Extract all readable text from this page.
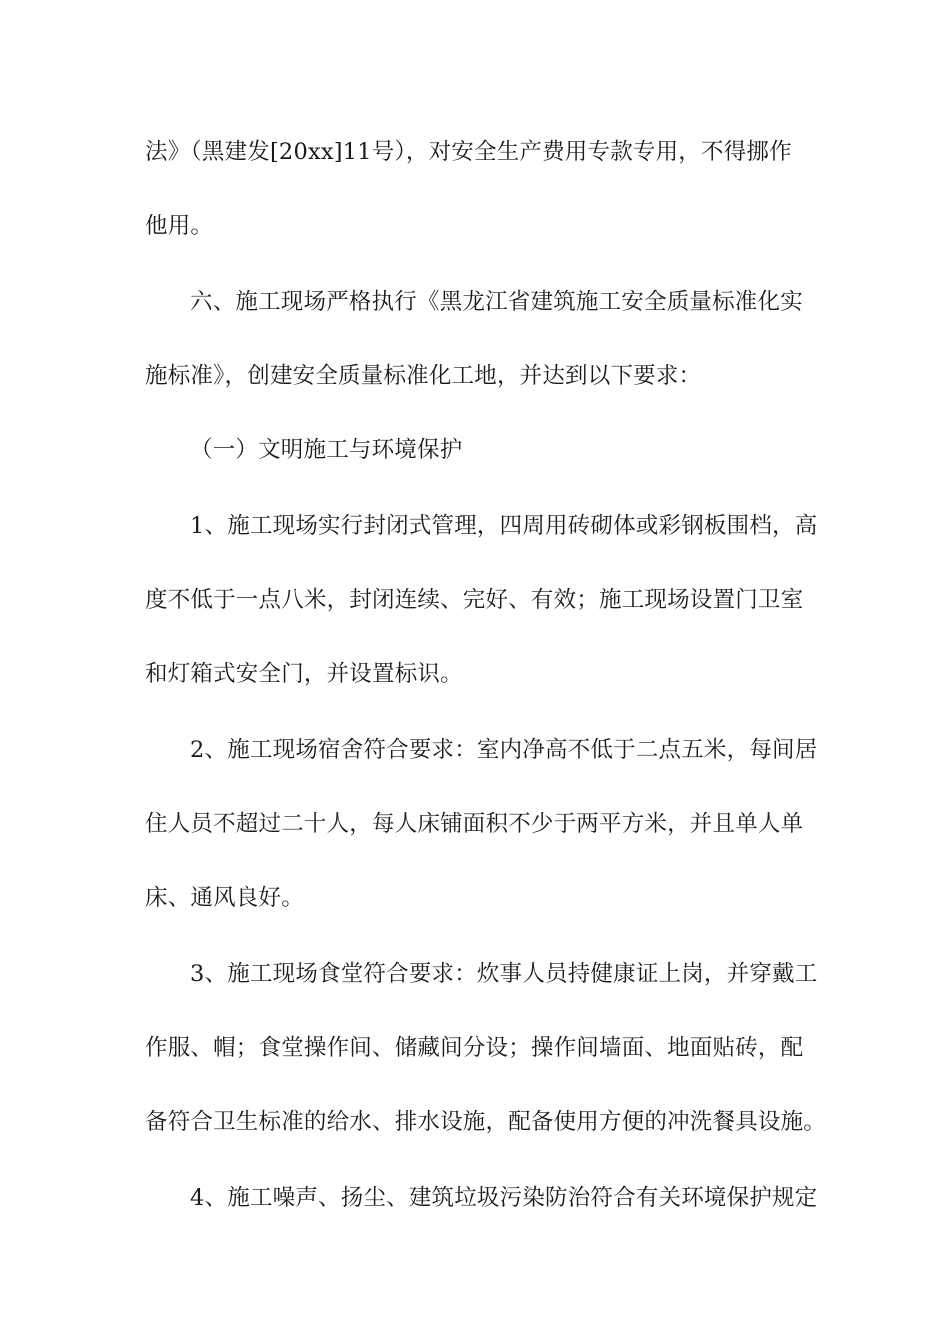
法》（黑建发[20xx]11号），对安全生产费用专款专用，不得挪作
他用。
六、施工现场严格执行《黑龙江省建筑施工安全质量标准化实
施标准》，创建安全质量标准化工地，并达到以下要求：
（一）文明施工与环境保护
1、施工现场实行封闭式管理，四周用砖砌体或彩钢板围档，高
度不低于一点八米，封闭连续、完好、有效；施工现场设置门卫室
和灯箱式安全门，并设置标识。
2、施工现场宿舍符合要求：室内净高不低于二点五米，每间居
住人员不超过二十人，每人床铺面积不少于两平方米，并且单人单
床、通风良好。
3、施工现场食堂符合要求：炊事人员持健康证上岗，并穿戴工
作服、帽；食堂操作间、储藏间分设；操作间墙面、地面贴砖，配
备符合卫生标准的给水、排水设施，配备使用方便的冲洗餐具设施。
4、施工噪声、扬尘、建筑垃圾污染防治符合有关环境保护规定
